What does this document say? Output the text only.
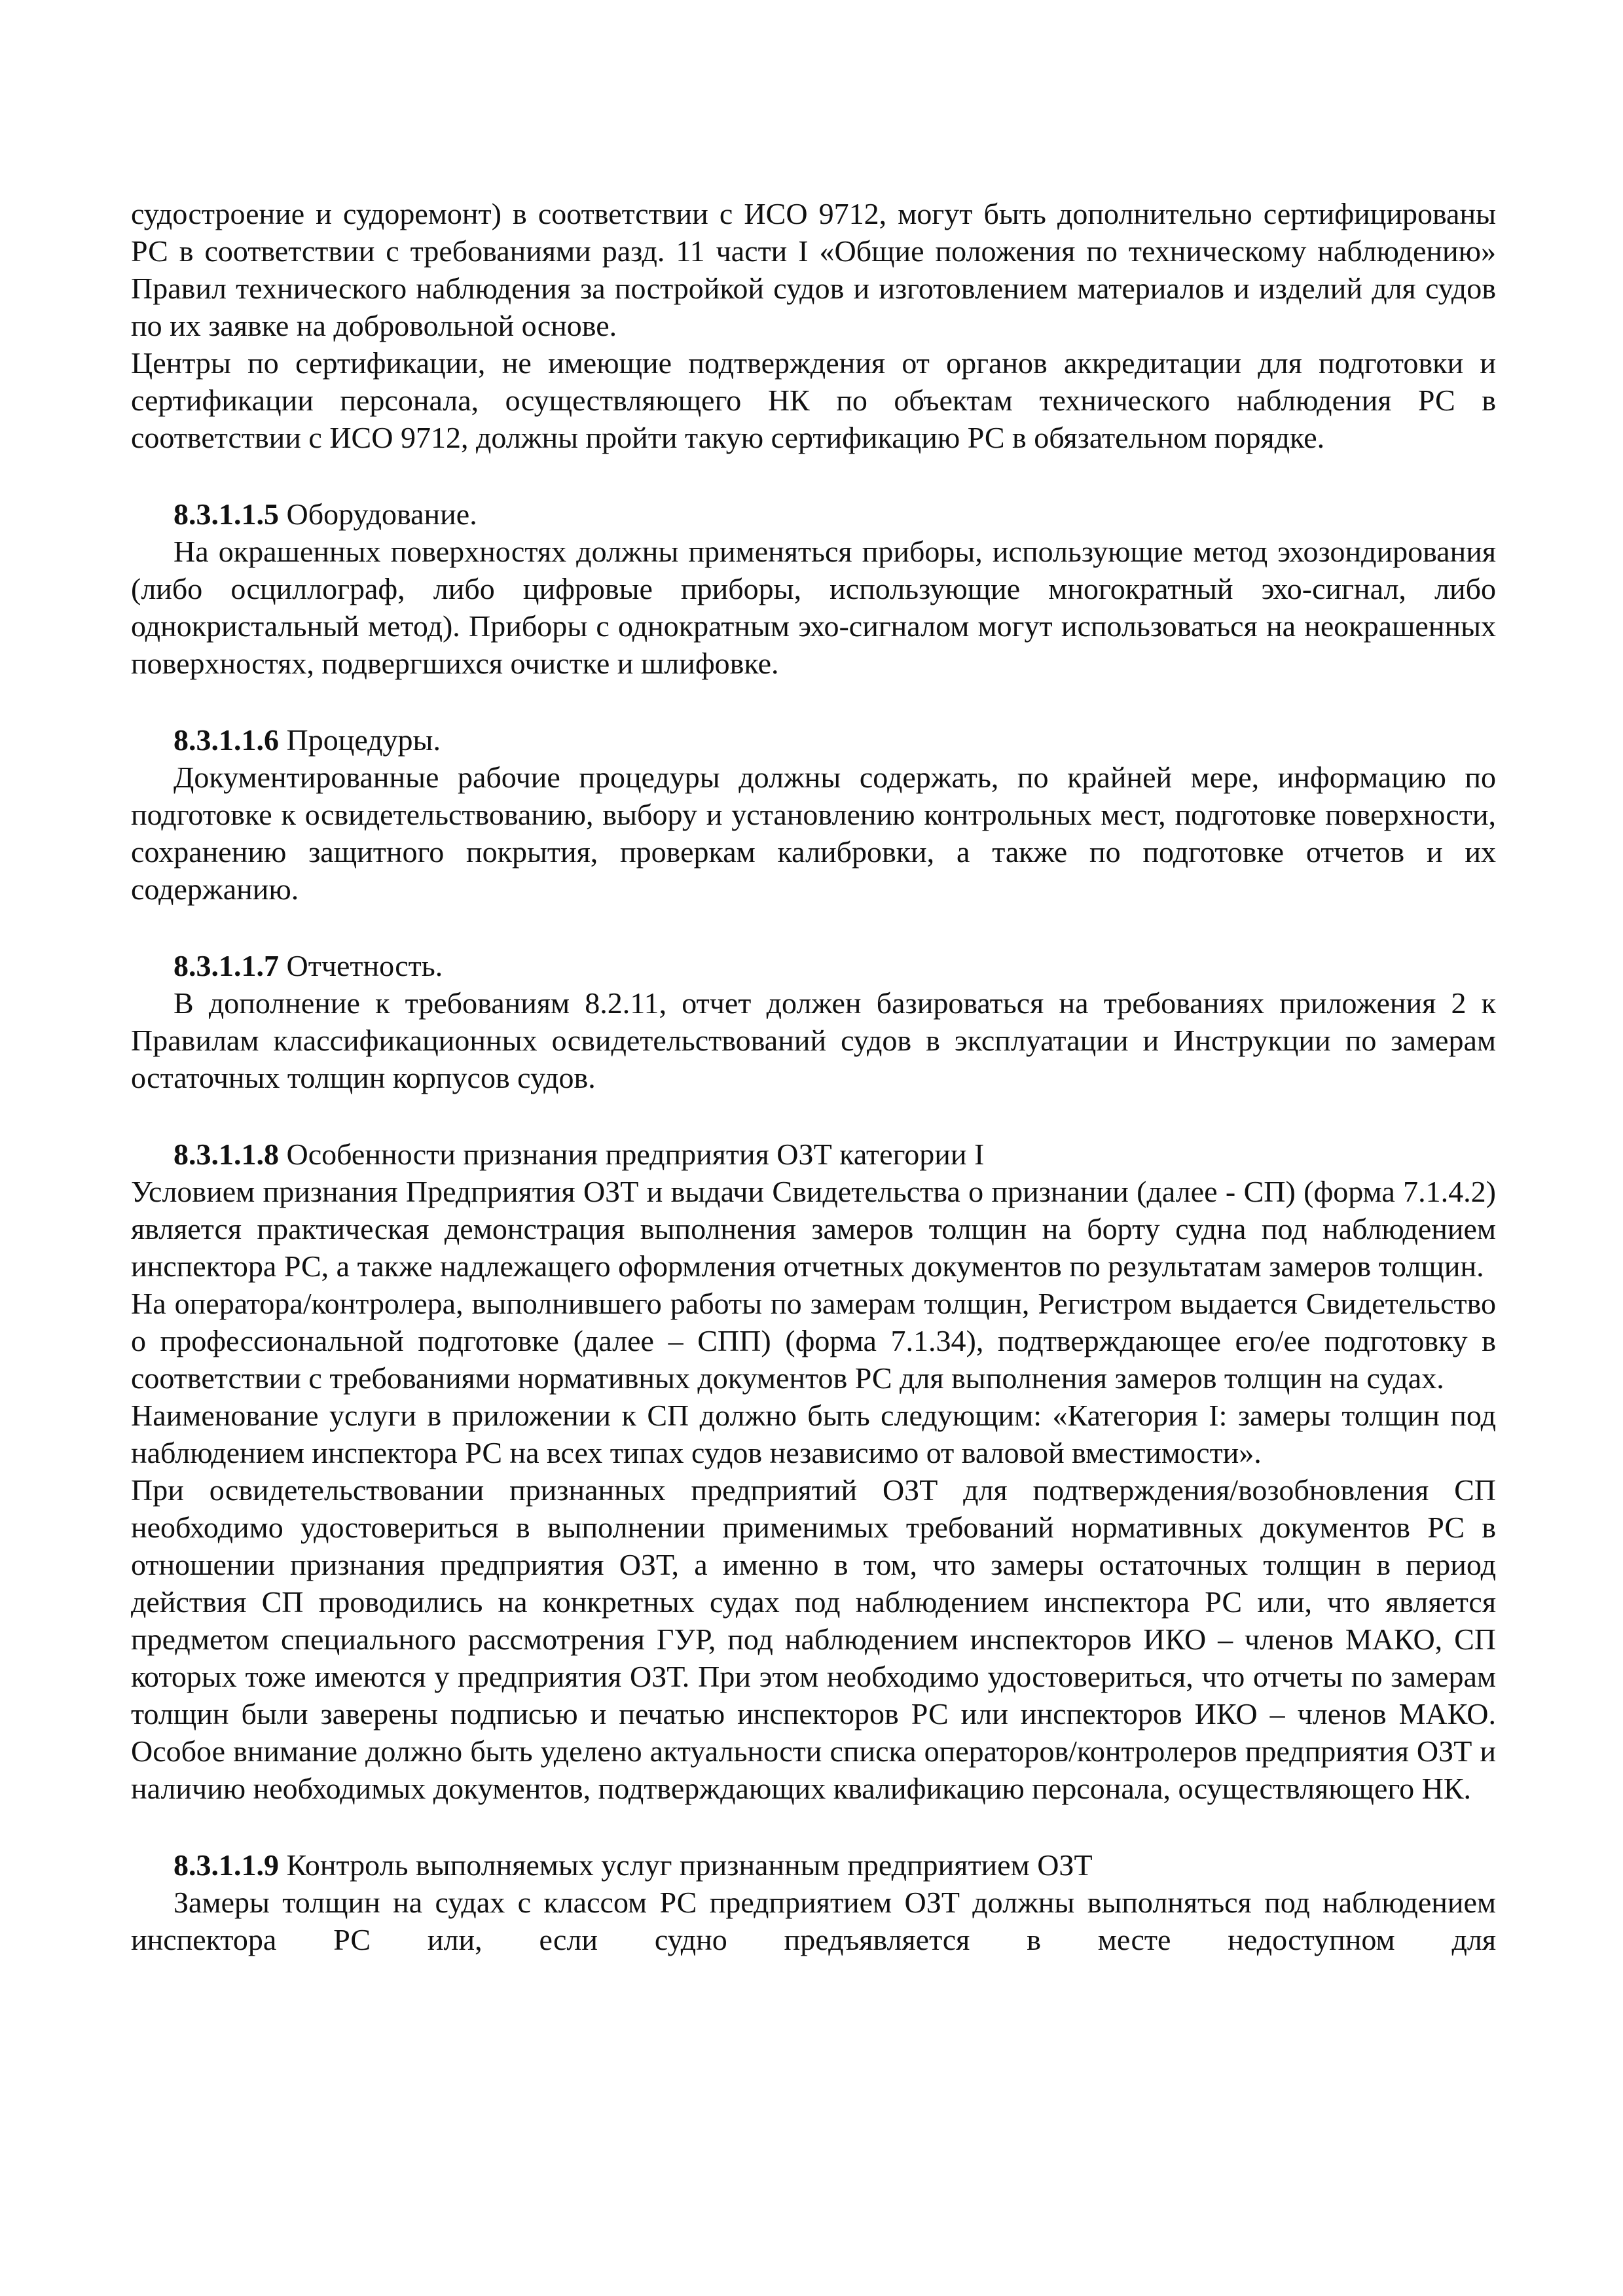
судостроение и судоремонт) в соответствии с ИСО 9712, могут быть дополнительно сертифицированы РС в соответствии с требованиями разд. 11 части I «Общие положения по техническому наблюдению» Правил технического наблюдения за постройкой судов и изготовлением материалов и изделий для судов по их заявке на добровольной основе.

Центры по сертификации, не имеющие подтверждения от органов аккредитации для подготовки и сертификации персонала, осуществляющего НК по объектам технического наблюдения РС в соответствии с ИСО 9712, должны пройти такую сертификацию РС в обязательном порядке.

8.3.1.1.5 Оборудование.

На окрашенных поверхностях должны применяться приборы, использующие метод эхозондирования (либо осциллограф, либо цифровые приборы, использующие многократный эхо-сигнал, либо однокристальный метод). Приборы с однократным эхо-сигналом могут использоваться на неокрашенных поверхностях, подвергшихся очистке и шлифовке.

8.3.1.1.6 Процедуры.

Документированные рабочие процедуры должны содержать, по крайней мере, информацию по подготовке к освидетельствованию, выбору и установлению контрольных мест, подготовке поверхности, сохранению защитного покрытия, проверкам калибровки, а также по подготовке отчетов и их содержанию.

8.3.1.1.7 Отчетность.

В дополнение к требованиям 8.2.11, отчет должен базироваться на требованиях приложения 2 к Правилам классификационных освидетельствований судов в эксплуатации и Инструкции по замерам остаточных толщин корпусов судов.

8.3.1.1.8 Особенности признания предприятия ОЗТ категории I

Условием признания Предприятия ОЗТ и выдачи Свидетельства о признании (далее - СП) (форма 7.1.4.2) является практическая демонстрация выполнения замеров толщин на борту судна под наблюдением инспектора РС, а также надлежащего оформления отчетных документов по результатам замеров толщин.

На оператора/контролера, выполнившего работы по замерам толщин, Регистром выдается Свидетельство о профессиональной подготовке (далее – СПП) (форма 7.1.34), подтверждающее его/ее подготовку в соответствии с требованиями нормативных документов РС для выполнения замеров толщин на судах.

Наименование услуги в приложении к СП должно быть следующим: «Категория I: замеры толщин под наблюдением инспектора РС на всех типах судов независимо от валовой вместимости».

При освидетельствовании признанных предприятий ОЗТ для подтверждения/возобновления СП необходимо удостовериться в выполнении применимых требований нормативных документов РС в отношении признания предприятия ОЗТ, а именно в том, что замеры остаточных толщин в период действия СП проводились на конкретных судах под наблюдением инспектора РС или, что является предметом специального рассмотрения ГУР, под наблюдением инспекторов ИКО – членов МАКО, СП которых тоже имеются у предприятия ОЗТ. При этом необходимо удостовериться, что отчеты по замерам толщин были заверены подписью и печатью инспекторов РС или инспекторов ИКО – членов МАКО. Особое внимание должно быть уделено актуальности списка операторов/контролеров предприятия ОЗТ и наличию необходимых документов, подтверждающих квалификацию персонала, осуществляющего НК.

8.3.1.1.9 Контроль выполняемых услуг признанным предприятием ОЗТ

Замеры толщин на судах с классом РС предприятием ОЗТ должны выполняться под наблюдением инспектора РС или, если судно предъявляется в месте недоступном для
